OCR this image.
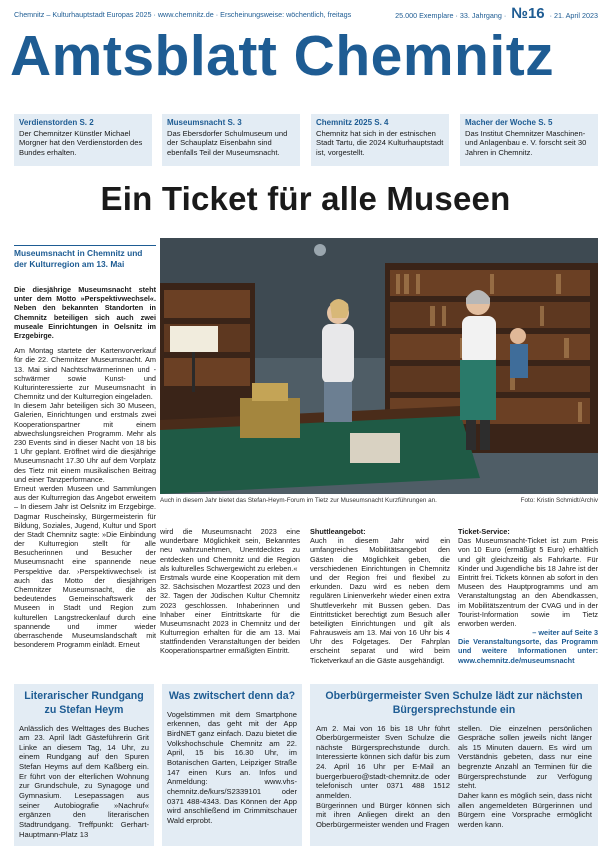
Chemnitz – Kulturhauptstadt Europas 2025 · www.chemnitz.de · Erscheinungsweise: wöchentlich, freitags	25.000 Exemplare · 33. Jahrgang · №16 · 21. April 2023
Amtsblatt Chemnitz
Verdienstorden S. 2
Der Chemnitzer Künstler Michael Morgner hat den Verdienstorden des Bundes erhalten.
Museumsnacht S. 3
Das Ebersdorfer Schulmuseum und der Schauplatz Eisenbahn sind ebenfalls Teil der Museumsnacht.
Chemnitz 2025 S. 4
Chemnitz hat sich in der estnischen Stadt Tartu, die 2024 Kulturhauptstadt ist, vorgestellt.
Macher der Woche S. 5
Das Institut Chemnitzer Maschinen- und Anlagenbau e. V. forscht seit 30 Jahren in Chemnitz.
Ein Ticket für alle Museen
Museumsnacht in Chemnitz und der Kulturregion am 13. Mai

Die diesjährige Museumsnacht steht unter dem Motto »Perspektivwechsel«. Neben den bekannten Standorten in Chemnitz beteiligen sich auch zwei museale Einrichtungen in Oelsnitz im Erzgebirge.

Am Montag startete der Kartenvorverkauf für die 22. Chemnitzer Museumsnacht. Am 13. Mai sind Nachtschwärmerinnen und -schwärmer sowie Kunst- und Kulturinteressierte zur Museumsnacht in Chemnitz und der Kulturregion eingeladen.
In diesem Jahr beteiligen sich 30 Museen, Galerien, Einrichtungen und erstmals zwei Kooperationspartner mit einem abwechslungsreichen Programm. Mehr als 230 Events sind in dieser Nacht von 18 bis 1 Uhr geplant. Eröffnet wird die diesjährige Museumsnacht 17.30 Uhr auf dem Vorplatz des Tietz mit einem musikalischen Beitrag und einer Tanzperformance.
Erneut werden Museen und Sammlungen aus der Kulturregion das Angebot erweitern – In diesem Jahr ist Oelsnitz im Erzgebirge. Dagmar Ruscheinsky, Bürgermeisterin für Bildung, Soziales, Jugend, Kultur und Sport der Stadt Chemnitz sagte: »Die Einbindung der Kulturregion stellt für alle Besucherinnen und Besucher der Museumsnacht eine spannende neue Perspektive dar. ›Perspektivwechsel‹ ist auch das Motto der diesjährigen Chemnitzer Museumsnacht, die als bedeutendes Gemeinschaftswerk der Museen in Stadt und Region zum kulturellen Langstreckenlauf durch eine spannende und immer wieder überraschende Museumslandschaft mit besonderem Programm einlädt. Erneut

Auch in diesem Jahr bietet das Stefan-Heym-Forum im Tietz zur Museumsnacht Kurzführungen an.	Foto: Kristin Schmidt/Archiv
wird die Museumsnacht 2023 eine wunderbare Möglichkeit sein, Bekanntes neu wahrzunehmen, Unentdecktes zu entdecken und Chemnitz und die Region als kulturelles Schwergewicht zu erleben.«
Erstmals wurde eine Kooperation mit dem 32. Sächsischen Mozartfest 2023 und den 32. Tagen der Jüdischen Kultur Chemnitz 2023 geschlossen. Inhaberinnen und Inhaber einer Eintrittskarte für die Museumsnacht 2023 in Chemnitz und der Kulturregion erhalten für die am 13. Mai stattfindenden Veranstaltungen der beiden Kooperationspartner ermäßigten Eintritt.

Shuttleangebot:

Auch in diesem Jahr wird ein umfangreiches Mobilitätsangebot den Gästen die Möglichkeit geben, die verschiedenen Einrichtungen in Chemnitz und der Region frei und flexibel zu erkunden. Dazu wird es neben dem regulären Linienverkehr wieder einen extra Shuttleverkehr mit Bussen geben. Das Eintrittsticket berechtigt zum Besuch aller beteiligten Einrichtungen und gilt als Fahrausweis am 13. Mai von 16 Uhr bis 4 Uhr des Folgetages. Der Fahrplan erscheint separat und wird beim Ticketverkauf an die Gäste ausgehändigt.

Ticket-Service:

Das Museumsnacht-Ticket ist zum Preis von 10 Euro (ermäßigt 5 Euro) erhältlich und gilt gleichzeitig als Fahrkarte. Für Kinder und Jugendliche bis 18 Jahre ist der Eintritt frei. Tickets können ab sofort in den Museen des Hauptprogramms und am Veranstaltungstag an den Abendkassen, im Mobilitätszentrum der CVAG und in der Tourist-Information sowie im Tietz erworben werden.

– weiter auf Seite 3

Die Veranstaltungsorte, das Programm und weitere Informationen unter: www.chemnitz.de/museumsnacht

Literarischer Rundgang zu Stefan Heym
Anlässlich des Welttages des Buches am 23. April lädt Gästeführerin Grit Linke an diesem Tag, 14 Uhr, zu einem Rundgang auf den Spuren Stefan Heyms auf dem Kaßberg ein. Er führt von der elterlichen Wohnung zur Grundschule, zu Synagoge und Gymnasium. Lesepassagen aus seiner Autobiografie »Nachruf« ergänzen den literarischen Stadtrundgang. Treffpunkt: Gerhart-Hauptmann-Platz 13
Was zwitschert denn da?
Vogelstimmen mit dem Smartphone erkennen, das geht mit der App BirdNET ganz einfach. Dazu bietet die Volkshochschule Chemnitz am 22. April, 15 bis 16.30 Uhr, im Botanischen Garten, Leipziger Straße 147 einen Kurs an. Infos und Anmeldung: www.vhs-chemnitz.de/kurs/S2339101 oder 0371 488-4343. Das Können der App wird anschließend im Crimmitschauer Wald erprobt.
Oberbürgermeister Sven Schulze lädt zur nächsten Bürgersprechstunde ein
Am 2. Mai von 16 bis 18 Uhr führt Oberbürgermeister Sven Schulze die nächste Bürgersprechstunde durch. Interessierte können sich dafür bis zum 24. April 16 Uhr per E-Mail an buergerbuero@stadt-chemnitz.de oder telefonisch unter 0371 488 1512 anmelden.
Bürgerinnen und Bürger können sich mit ihren Anliegen direkt an den Oberbürgermeister wenden und Fragen
stellen. Die einzelnen persönlichen Gespräche sollen jeweils nicht länger als 15 Minuten dauern. Es wird um Verständnis gebeten, dass nur eine begrenzte Anzahl an Terminen für die Bürgersprechstunde zur Verfügung steht.
Daher kann es möglich sein, dass nicht allen angemeldeten Bürgerinnen und Bürgern eine Vorsprache ermöglicht werden kann.
